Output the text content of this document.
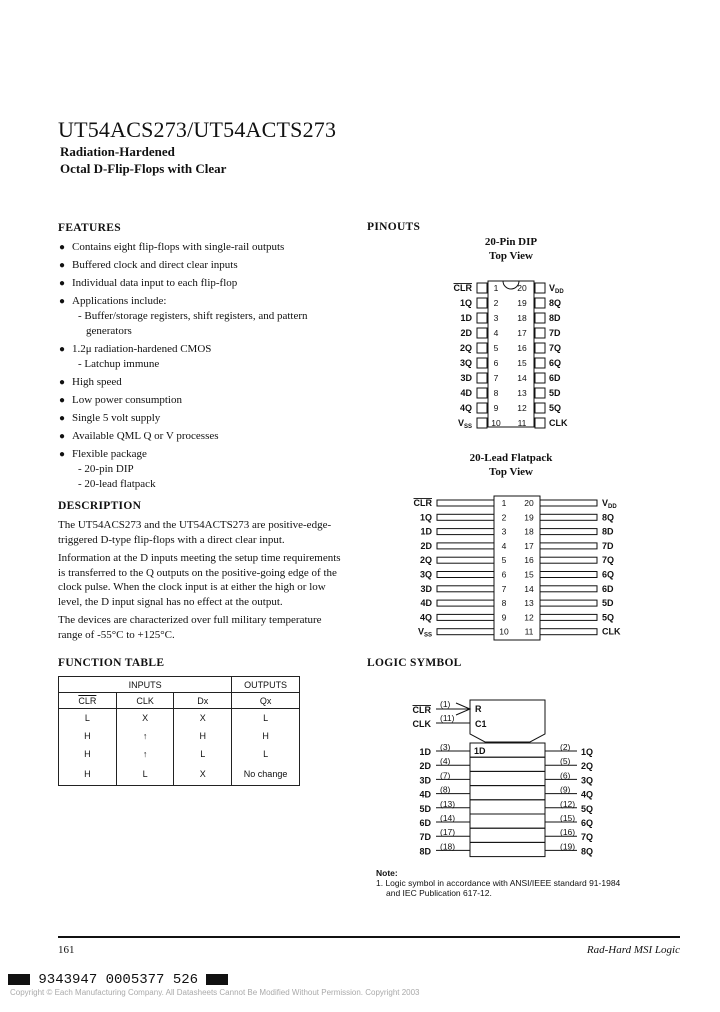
UT54ACS273/UT54ACTS273
Radiation-Hardened
Octal D-Flip-Flops with Clear
FEATURES
● Contains eight flip-flops with single-rail outputs
● Buffered clock and direct clear inputs
● Individual data input to each flip-flop
● Applications include:
- Buffer/storage registers, shift registers, and pattern
generators
● 1.2μ radiation-hardened CMOS
- Latchup immune
● High speed
● Low power consumption
● Single 5 volt supply
● Available QML Q or V processes
● Flexible package
- 20-pin DIP
- 20-lead flatpack
DESCRIPTION

The UT54ACS273 and the UT54ACTS273 are positive-edge-triggered D-type flip-flops with a direct clear input.

Information at the D inputs meeting the setup time requirements is transferred to the Q outputs on the positive-going edge of the clock pulse. When the clock input is at either the high or low level, the D input signal has no effect at the output.

The devices are characterized over full military temperature range of -55°C to +125°C.

FUNCTION TABLE
INPUTS			OUTPUTS
$\overline{CLR}$	CLK	Dx	Qx
L	X	X	L
H	↑	H	H
H	↑	L	L
H	L	X	No change
PINOUTS
20-Pin DIP
Top View
CLR	$V_{DD}$
1 20
1Q	8Q
2 19
1D	8D
3 18
2D	7D
4 17
2Q	7Q
5 16
3Q	6Q
6 15
3D	6D
7 14
4D	5D
8 13
4Q	5Q
9 12
$V_{SS}$	CLK
10 11
20-Lead Flatpack
Top View
CLR	$V_{DD}$
1 20
1Q	8Q
2 19
1D	8D
3 18
2D	7D
4 17
2Q	7Q
5 16
3Q	6Q
6 15
3D	6D
7 14
4D	5D
8 13
4Q	5Q
9 12
$V_{SS}$	CLK
10 11
CLR
(1)	R
CLK
(11)
C1
1D (3)	1Q
(2)
2D (4)	2Q
(5)
3D (7)	3Q
(6)
4D (8)	4Q
(9)
5D (13)	5Q
(12)
6D (14)	6Q
(15)
7D (17)	7Q
(16)
8D (18)	8Q
(19)
1D
LOGIC SYMBOL
Note:
1. Logic symbol in accordance with ANSI/IEEE standard 91-1984
and IEC Publication 617-12.
161	Rad-Hard MSI Logic
9343947 0005377 526
Copyright © Each Manufacturing Company. All Datasheets Cannot Be Modified Without Permission. Copyright 2003
